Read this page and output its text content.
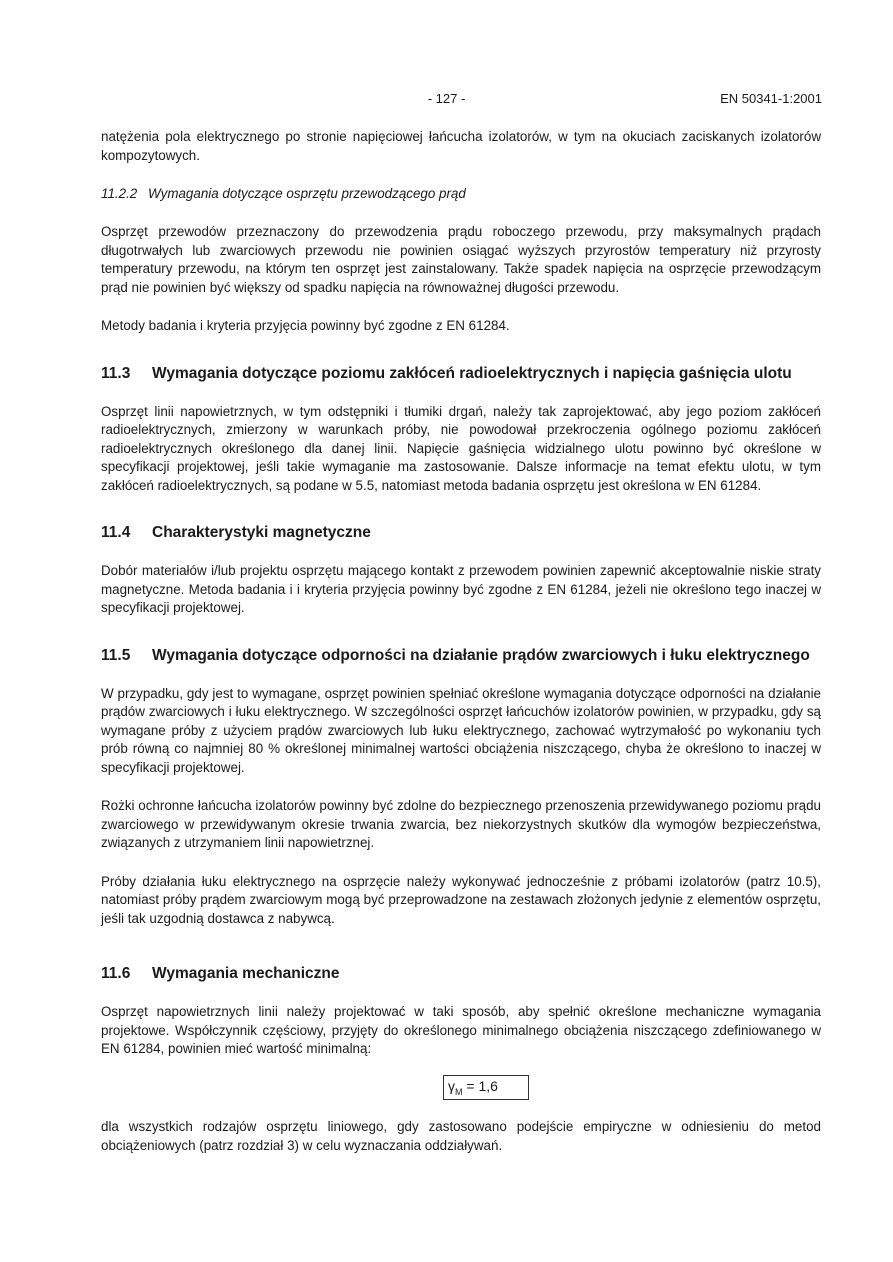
- 127 -	EN 50341-1:2001

natężenia pola elektrycznego po stronie napięciowej łańcucha izolatorów, w tym na okuciach zaciskanych izolatorów kompozytowych.

11.2.2 Wymagania dotyczące osprzętu przewodzącego prąd

Osprzęt przewodów przeznaczony do przewodzenia prądu roboczego przewodu, przy maksymalnych prądach długotrwałych lub zwarciowych przewodu nie powinien osiągać wyższych przyrostów temperatury niż przyrosty temperatury przewodu, na którym ten osprzęt jest zainstalowany. Także spadek napięcia na osprzęcie przewodzącym prąd nie powinien być większy od spadku napięcia na równoważnej długości przewodu.

Metody badania i kryteria przyjęcia powinny być zgodne z EN 61284.

11.3	Wymagania dotyczące poziomu zakłóceń radioelektrycznych i napięcia gaśnięcia ulotu

Osprzęt linii napowietrznych, w tym odstępniki i tłumiki drgań, należy tak zaprojektować, aby jego poziom zakłóceń radioelektrycznych, zmierzony w warunkach próby, nie powodował przekroczenia ogólnego poziomu zakłóceń radioelektrycznych określonego dla danej linii. Napięcie gaśnięcia widzialnego ulotu powinno być określone w specyfikacji projektowej, jeśli takie wymaganie ma zastosowanie. Dalsze informacje na temat efektu ulotu, w tym zakłóceń radioelektrycznych, są podane w 5.5, natomiast metoda badania osprzętu jest określona w EN 61284.

11.4	Charakterystyki magnetyczne

Dobór materiałów i/lub projektu osprzętu mającego kontakt z przewodem powinien zapewnić akceptowalnie niskie straty magnetyczne. Metoda badania i i kryteria przyjęcia powinny być zgodne z EN 61284, jeżeli nie określono tego inaczej w specyfikacji projektowej.

11.5	Wymagania dotyczące odporności na działanie prądów zwarciowych i łuku elektrycznego

W przypadku, gdy jest to wymagane, osprzęt powinien spełniać określone wymagania dotyczące odporności na działanie prądów zwarciowych i łuku elektrycznego. W szczególności osprzęt łańcuchów izolatorów powinien, w przypadku, gdy są wymagane próby z użyciem prądów zwarciowych lub łuku elektrycznego, zachować wytrzymałość po wykonaniu tych prób równą co najmniej 80 % określonej minimalnej wartości obciążenia niszczącego, chyba że określono to inaczej w specyfikacji projektowej.

Rożki ochronne łańcucha izolatorów powinny być zdolne do bezpiecznego przenoszenia przewidywanego poziomu prądu zwarciowego w przewidywanym okresie trwania zwarcia, bez niekorzystnych skutków dla wymogów bezpieczeństwa, związanych z utrzymaniem linii napowietrznej.

Próby działania łuku elektrycznego na osprzęcie należy wykonywać jednocześnie z próbami izolatorów (patrz 10.5), natomiast próby prądem zwarciowym mogą być przeprowadzone na zestawach złożonych jedynie z elementów osprzętu, jeśli tak uzgodnią dostawca z nabywcą.

11.6	Wymagania mechaniczne

Osprzęt napowietrznych linii należy projektować w taki sposób, aby spełnić określone mechaniczne wymagania projektowe. Współczynnik częściowy, przyjęty do określonego minimalnego obciążenia niszczącego zdefiniowanego w EN 61284, powinien mieć wartość minimalną:

$\gamma_M = 1,6$

dla wszystkich rodzajów osprzętu liniowego, gdy zastosowano podejście empiryczne w odniesieniu do metod obciążeniowych (patrz rozdział 3) w celu wyznaczania oddziaływań.
